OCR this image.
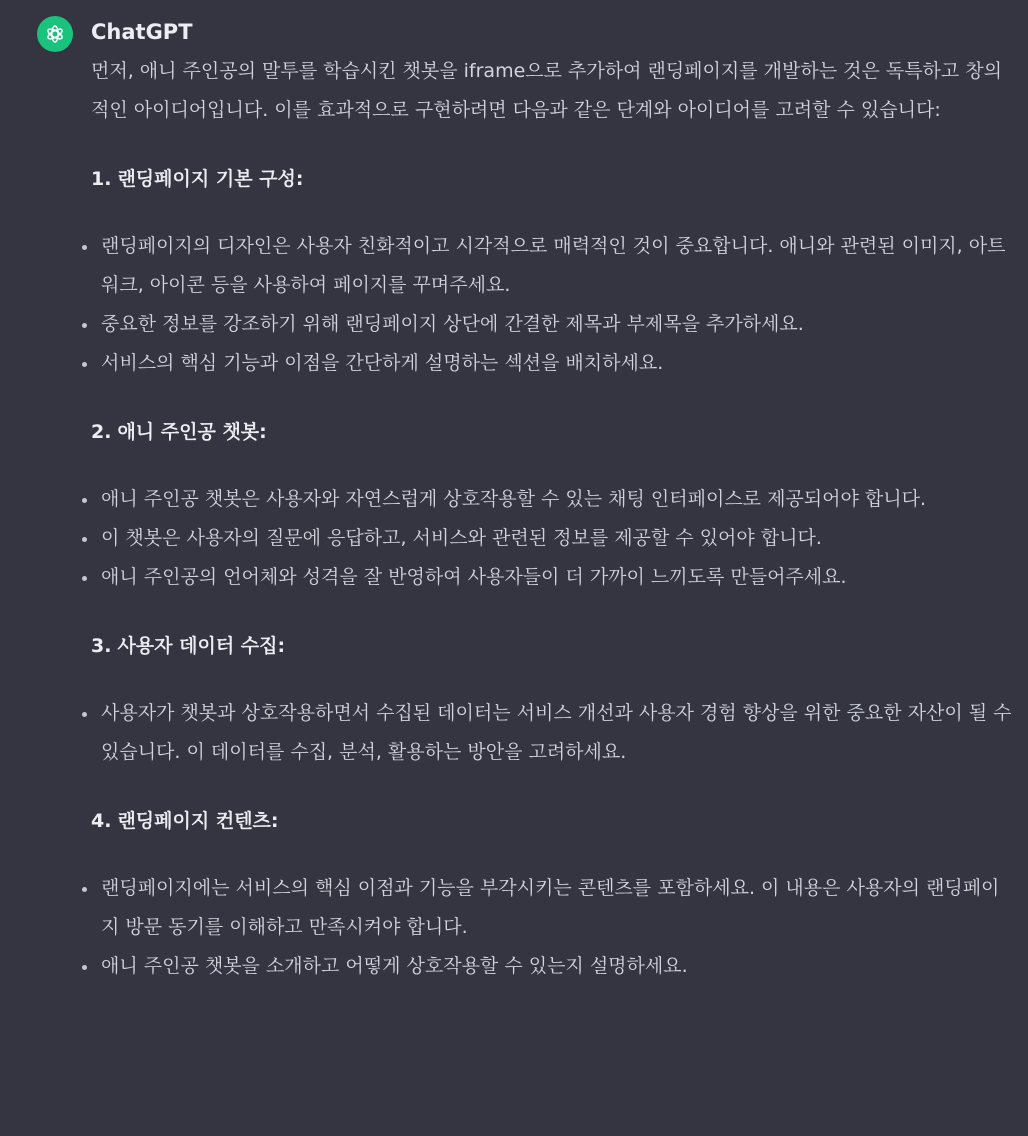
ChatGPT

먼저, 애니 주인공의 말투를 학습시킨 챗봇을 iframe으로 추가하여 랜딩페이지를 개발하는 것은 독특하고 창의적인 아이디어입니다. 이를 효과적으로 구현하려면 다음과 같은 단계와 아이디어를 고려할 수 있습니다:

1. 랜딩페이지 기본 구성:
랜딩페이지의 디자인은 사용자 친화적이고 시각적으로 매력적인 것이 중요합니다. 애니와 관련된 이미지, 아트워크, 아이콘 등을 사용하여 페이지를 꾸며주세요.
중요한 정보를 강조하기 위해 랜딩페이지 상단에 간결한 제목과 부제목을 추가하세요.
서비스의 핵심 기능과 이점을 간단하게 설명하는 섹션을 배치하세요.
2. 애니 주인공 챗봇:
애니 주인공 챗봇은 사용자와 자연스럽게 상호작용할 수 있는 채팅 인터페이스로 제공되어야 합니다.
이 챗봇은 사용자의 질문에 응답하고, 서비스와 관련된 정보를 제공할 수 있어야 합니다.
애니 주인공의 언어체와 성격을 잘 반영하여 사용자들이 더 가까이 느끼도록 만들어주세요.
3. 사용자 데이터 수집:
사용자가 챗봇과 상호작용하면서 수집된 데이터는 서비스 개선과 사용자 경험 향상을 위한 중요한 자산이 될 수 있습니다. 이 데이터를 수집, 분석, 활용하는 방안을 고려하세요.
4. 랜딩페이지 컨텐츠:
랜딩페이지에는 서비스의 핵심 이점과 기능을 부각시키는 콘텐츠를 포함하세요. 이 내용은 사용자의 랜딩페이지 방문 동기를 이해하고 만족시켜야 합니다.
애니 주인공 챗봇을 소개하고 어떻게 상호작용할 수 있는지 설명하세요.
